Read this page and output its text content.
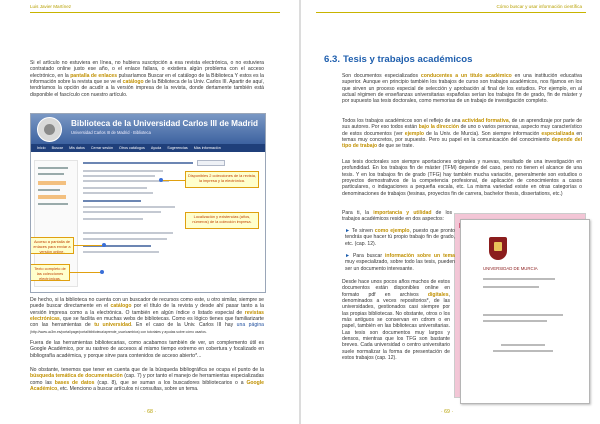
Luis Javier Martínez

Si el artículo no estuviera en línea, no hubiera suscripción a esa revista electrónica, o no estuviera contratado online justo ese año, o el enlace fallara, o existiera algún problema con el acceso electrónico, en la pantalla de enlaces pulsaríamos Buscar en el catálogo de la Biblioteca Y estos es la información sobre la revista que se ve el catálogo de la Biblioteca de la Univ. Carlos III. Apartir de aquí, tendríamos la opción de acudir a la versión impresa de la revista, donde dertamente también está disponible el fascículo con nuestro artículo.

Biblioteca de la Universidad Carlos III de Madrid
Universidad Carlos III de Madrid · Biblioteca
Inicio Buscar Mis datos Cerrar sesión Otros catálogos Ayuda Sugerencias Más información
Disponibles 2 colecciones de la revista, la impresa y la electrónica.
Localización y existencias (años, números) de la colección impresa.
Acceso a pantalla de enlaces para enviar a versión online.
Texto completo de las colecciones electrónicas.

De hecho, si la biblioteca no cuenta con un buscador de recursos como este, u otro similar, siempre se puede buscar directamente en el catálogo por el título de la revista y desde ahí pasar tanto a la versión impresa como a la electrónica. O también en algún índice o listado especial de revistas electrónicas, que se facilita en muchas webs de bibliotecas. Como es lógico tienes que familiarizarte con las herramientas de tu universidad. En el caso de la Univ. Carlos III hay una página (http://www.uc3m.es/portal/page/portal/biblioteca/aprende_usar/cambios) con tutoriales y ayudas sobre cómo usarlos.

Fuera de las herramientas bibliotecarias, como acabamos también de ver, un complemento útil es Google Académico, por su rastreo de accesos al mismo tiempo extremo en cobertura y focalizado en bibliografía académica, y porque sirve para contenidos de acceso abierto*...

No obstante, tenemos que tener en cuenta que de la búsqueda bibliográfica se ocupa el punto de la búsqueda temática de documentación (cap. 7) y por tanto el manejo de herramientas especializadas como las bases de datos (cap. 8), que se suman a los buscadores bibliotecarios o a Google Académico, etc. Menciono a buscar artículos ni consultas, sobre un tema.

· 68 ·
Cómo buscar y usar información científica
6.3. Tesis y trabajos académicos

Son documentos especializados conducentes a un título académico en una institución educativa superior. Aunque en principio también los trabajos de curso son trabajos académicos, nos fijamos en los que sirven un proceso especial de selección y aprobación al final de los estudios. Por ejemplo, en al actual régimen de enseñanzas universitarias españolas serían los trabajos fin de grado, fin de máster y por supuesto las tesis doctorales, como memorias de un trabajo de investigación completo.

Todos los trabajos académicos son el reflejo de una actividad formativa, de un aprendizaje por parte de sus autores. Por eso todos están bajo la dirección de uno o varios personas, aspecto muy característico de estos documentos (ver ejemplo de la Univ. de Murcia). Son siempre información especializada en temas muy concretos, por supuesto. Pero su papel en la comunicación del conocimiento depende del tipo de trabajo de que se trate.

Las tesis doctorales son siempre aportaciones originales y nuevas, resultado de una investigación en profundidad. En los trabajos fin de máster (TFM) depende del caso, pero no tienen el alcance de una tesis. Y en los trabajos fin de grado (TFG) hay también mucha variación, generalmente son estudios o proyectos demostrativos de la competencia profesional, de aplicación de conocimientos a casos particulares, o indagaciones a pequeña escala, etc. La misma variedad existe en otras categorías o denominaciones de trabajos (tesinas, proyectos fin de carrera, bachelor thesis, dissertations, etc.)

Para ti, la importancia y utilidad de los trabajos académicos reside en dos aspectos:

UNIVERSIDAD DE MURCIA

► Te sirven como ejemplo, puesto que pronto tendrás que hacer tú propio trabajo fin de grado, etc. (cap. 12).
► Para buscar información sobre un tema muy especializado, sobre todo las tesis, pueden ser un documento interesante.

Desde hace unos pocos años muchos de estos documentos están disponibles online en formato pdf en archivos digitales, denominados a veces repositorios*, de las universidades, gestionados casi siempre por las propias bibliotecas. No obstante, otros o los más antiguos se conservan en cdrom o en papel, también en las bibliotecas universitarias. Las tesis son documentos muy largos y densos, mientras que los TFG son bastante breves. Cada universidad o centro universitario suele normalizar la forma de presentación de estos trabajos (cap. 12).

· 69 ·
